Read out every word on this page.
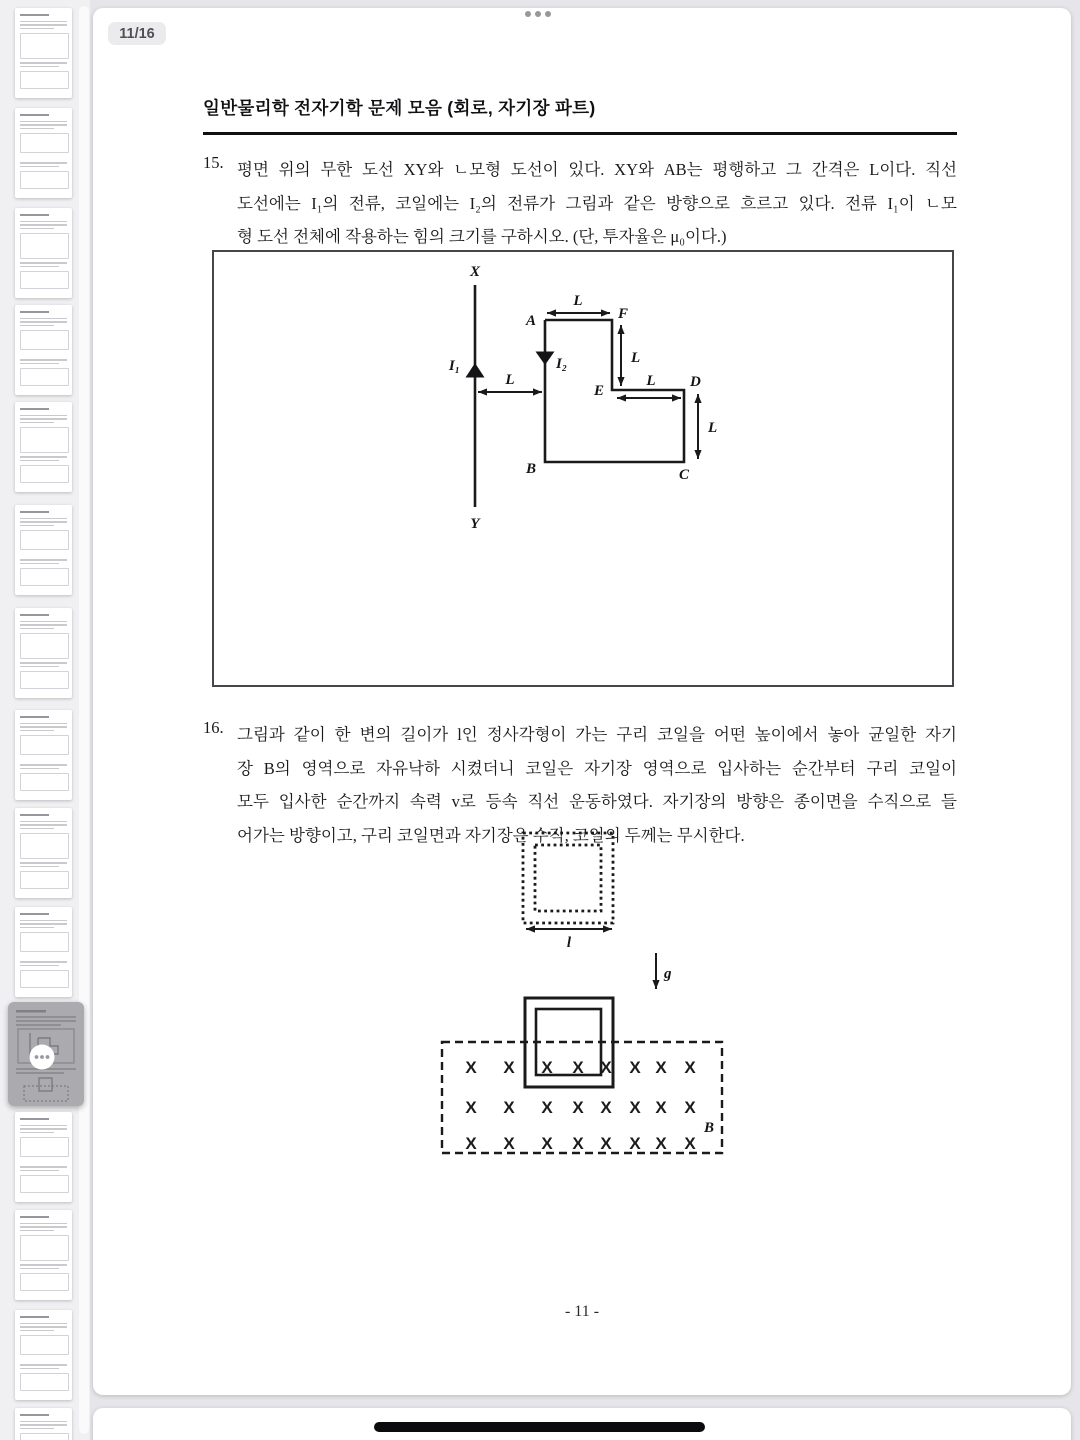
11/16
일반물리학 전자기학 문제 모음 (회로, 자기장 파트)
15. 평면 위의 무한 도선 XY와 ㄴ모형 도선이 있다. XY와 AB는 평행하고 그 간격은 L이다. 직선
도선에는 I₁의 전류, 코일에는 I₂의 전류가 그림과 같은 방향으로 흐르고 있다. 전류 I₁이 ㄴ모
형 도선 전체에 작용하는 힘의 크기를 구하시오. (단, 투자율은 μ₀이다.)
X
Y
I₁	I₂
A	F
E
D
C
B
L
L
L
L
L
16. 그림과 같이 한 변의 길이가 l인 정사각형이 가는 구리 코일을 어떤 높이에서 놓아 균일한 자기
장 B의 영역으로 자유낙하 시켰더니 코일은 자기장 영역으로 입사하는 순간부터 구리 코일이
모두 입사한 순간까지 속력 v로 등속 직선 운동하였다. 자기장의 방향은 종이면을 수직으로 들
어가는 방향이고, 구리 코일면과 자기장은 수직, 코일의 두께는 무시한다.
l
g
X X X X X X X X
X X X X X X X X
X X X X X X X X
B
- 11 -
